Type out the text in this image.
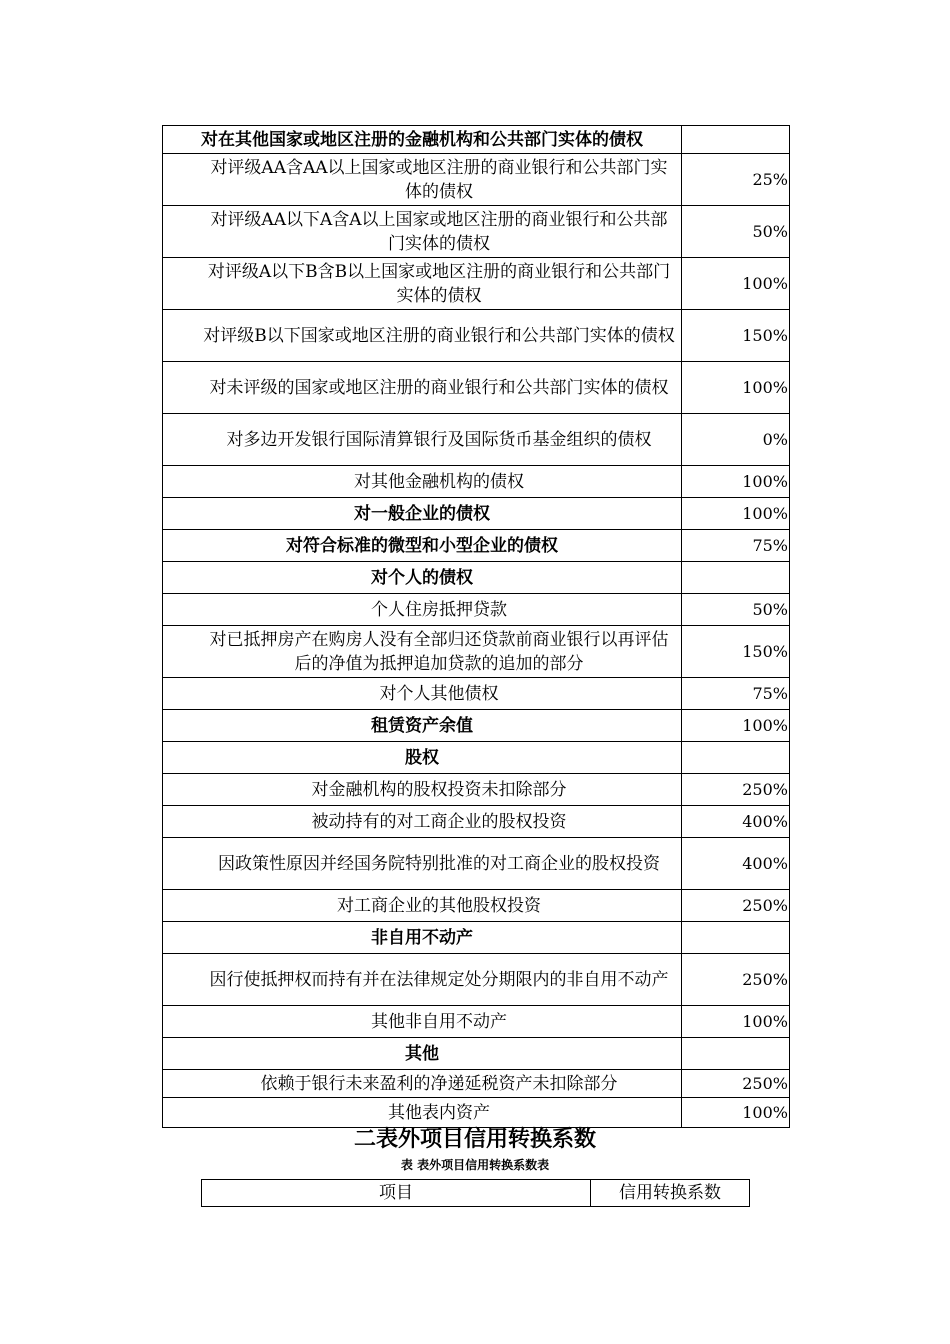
对在其他国家或地区注册的金融机构和公共部门实体的债权	
对评级AA含AA以上国家或地区注册的商业银行和公共部门实体的债权	25%
对评级AA以下A含A以上国家或地区注册的商业银行和公共部门实体的债权	50%
对评级A以下B含B以上国家或地区注册的商业银行和公共部门实体的债权	100%
对评级B以下国家或地区注册的商业银行和公共部门实体的债权	150%
对未评级的国家或地区注册的商业银行和公共部门实体的债权	100%
对多边开发银行国际清算银行及国际货币基金组织的债权	0%
对其他金融机构的债权	100%
对一般企业的债权	100%
对符合标准的微型和小型企业的债权	75%
对个人的债权	
个人住房抵押贷款	50%
对已抵押房产在购房人没有全部归还贷款前商业银行以再评估后的净值为抵押追加贷款的追加的部分	150%
对个人其他债权	75%
租赁资产余值	100%
股权	
对金融机构的股权投资未扣除部分	250%
被动持有的对工商企业的股权投资	400%
因政策性原因并经国务院特别批准的对工商企业的股权投资	400%
对工商企业的其他股权投资	250%
非自用不动产	
因行使抵押权而持有并在法律规定处分期限内的非自用不动产	250%
其他非自用不动产	100%
其他	
依赖于银行未来盈利的净递延税资产未扣除部分	250%
其他表内资产	100%
二表外项目信用转换系数
表 表外项目信用转换系数表
项目	信用转换系数
